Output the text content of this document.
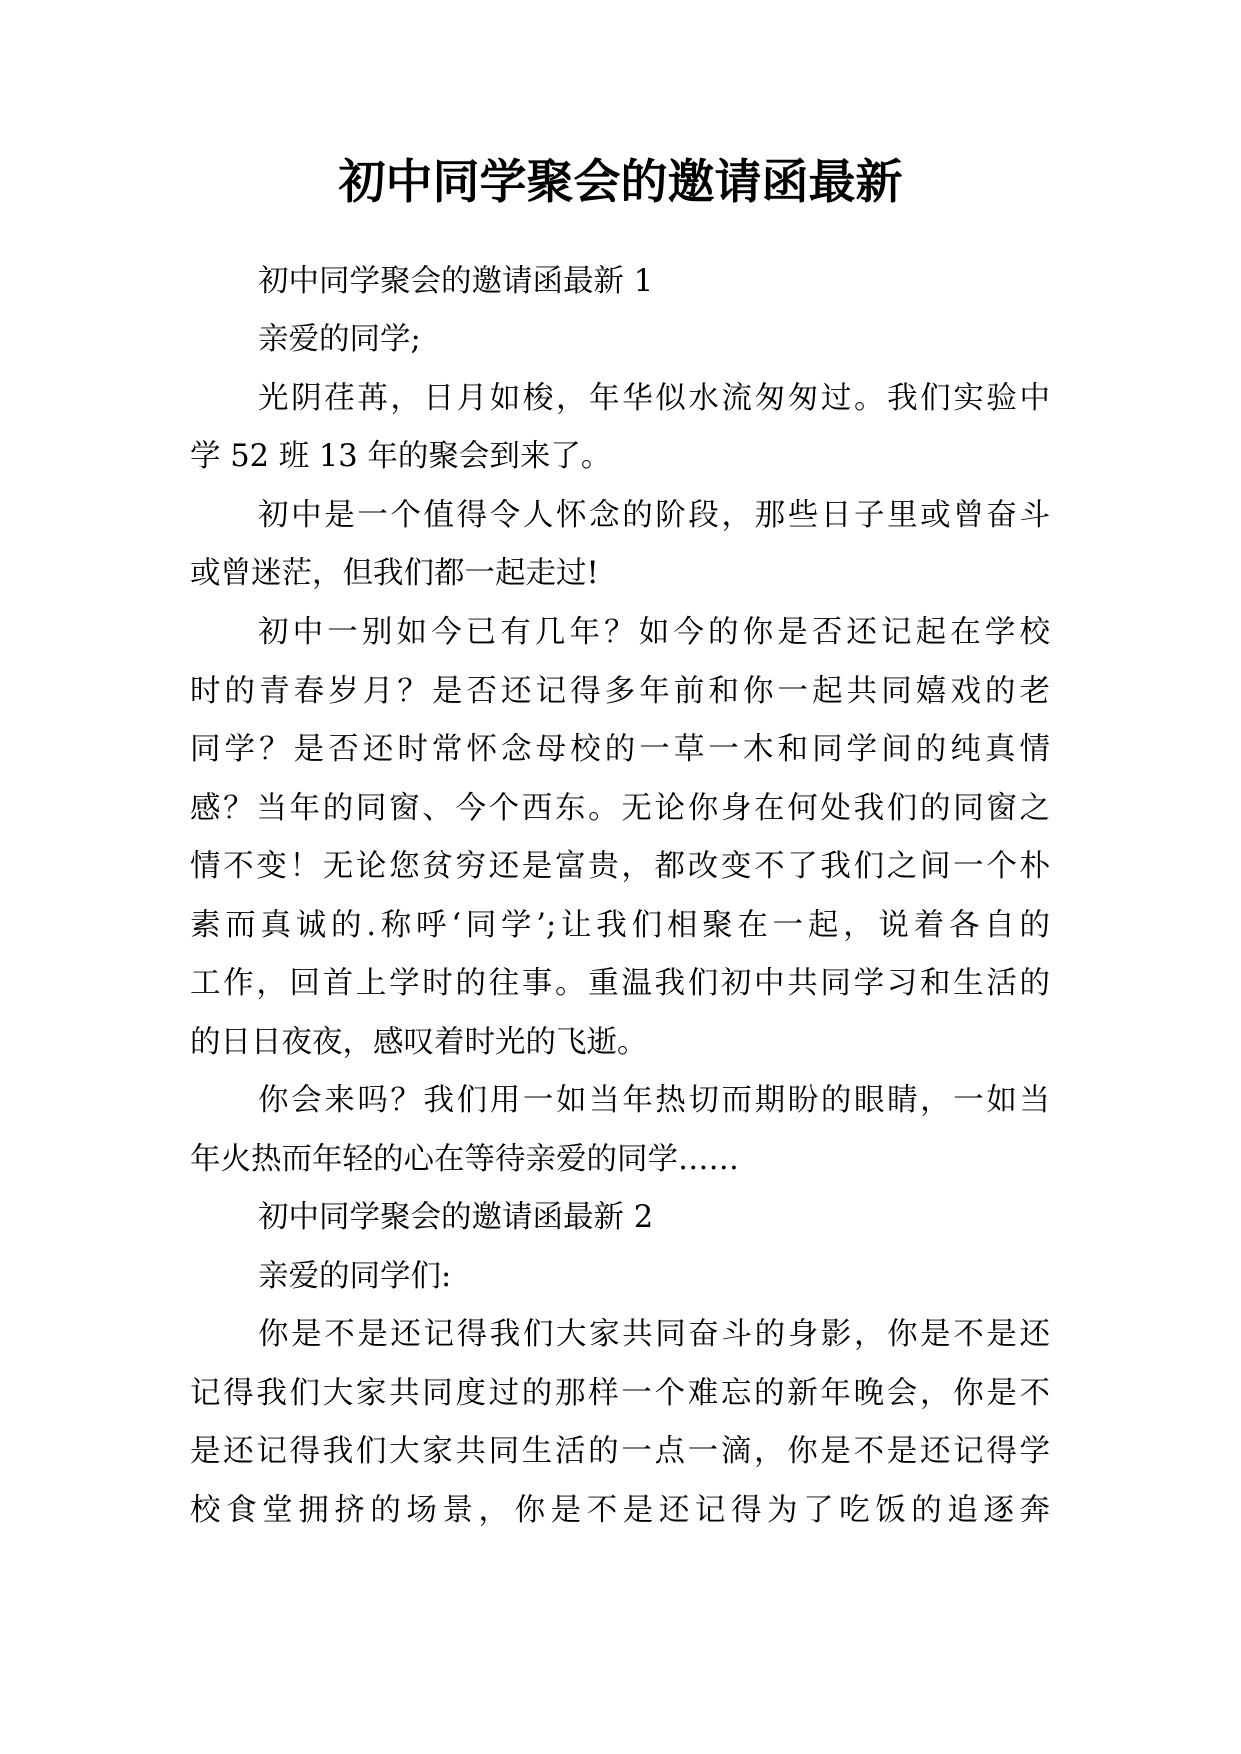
初中同学聚会的邀请函最新
初中同学聚会的邀请函最新 1
亲爱的同学;
光阴荏苒，日月如梭，年华似水流匆匆过。我们实验中
学 52 班 13 年的聚会到来了。
初中是一个值得令人怀念的阶段，那些日子里或曾奋斗
或曾迷茫，但我们都一起走过!
初中一别如今已有几年？如今的你是否还记起在学校
时的青春岁月？是否还记得多年前和你一起共同嬉戏的老
同学？是否还时常怀念母校的一草一木和同学间的纯真情
感？当年的同窗、今个西东。无论你身在何处我们的同窗之
情不变！无论您贫穷还是富贵，都改变不了我们之间一个朴
素而真诚的.称呼‘同学’;让我们相聚在一起，说着各自的
工作，回首上学时的往事。重温我们初中共同学习和生活的
的日日夜夜，感叹着时光的飞逝。
你会来吗？我们用一如当年热切而期盼的眼睛，一如当
年火热而年轻的心在等待亲爱的同学……
初中同学聚会的邀请函最新 2
亲爱的同学们:
你是不是还记得我们大家共同奋斗的身影，你是不是还
记得我们大家共同度过的那样一个难忘的新年晚会，你是不
是还记得我们大家共同生活的一点一滴，你是不是还记得学
校食堂拥挤的场景，你是不是还记得为了吃饭的追逐奔
